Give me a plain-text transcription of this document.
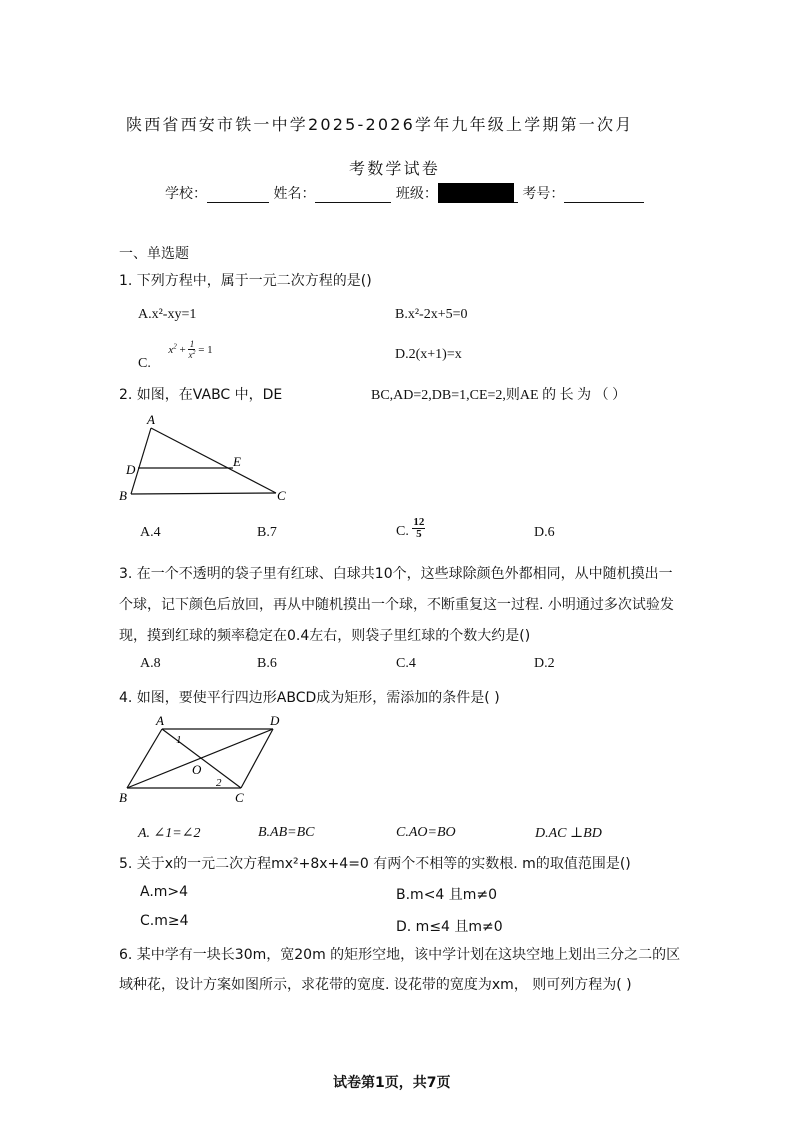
陕西省西安市铁一中学2025-2026学年九年级上学期第一次月
考数学试卷
学校：	姓名：	班级：	考号：
一、单选题
1. 下列方程中，属于一元二次方程的是()
A.x²-xy=1	B.x²-2x+5=0
C. $x^2 + \frac{1}{x^2} = 1$	D.2(x+1)=x
2. 如图，在VABC 中，DE	BC,AD=2,DB=1,CE=2,则AE 的 长 为 （ ）
A
B	C
D
E
A.4	B.7	C. $\frac{12}{5}$	D.6
3. 在一个不透明的袋子里有红球、白球共10个，这些球除颜色外都相同，从中随机摸出一
个球，记下颜色后放回，再从中随机摸出一个球，不断重复这一过程. 小明通过多次试验发
现，摸到红球的频率稳定在0.4左右，则袋子里红球的个数大约是()
A.8	B.6	C.4	D.2
4. 如图，要使平行四边形ABCD成为矩形，需添加的条件是( )
A	D
O
B	C
1
2
A. ∠1=∠2	B.AB=BC	C.AO=BO	D.AC ⊥BD
5. 关于x的一元二次方程mx²+8x+4=0 有两个不相等的实数根. m的取值范围是()
A.m>4	B.m<4 且m≠0
C.m≥4	D. m≤4 且m≠0
6. 某中学有一块长30m，宽20m 的矩形空地，该中学计划在这块空地上划出三分之二的区
域种花，设计方案如图所示，求花带的宽度. 设花带的宽度为xm， 则可列方程为( )
试卷第1页，共7页
